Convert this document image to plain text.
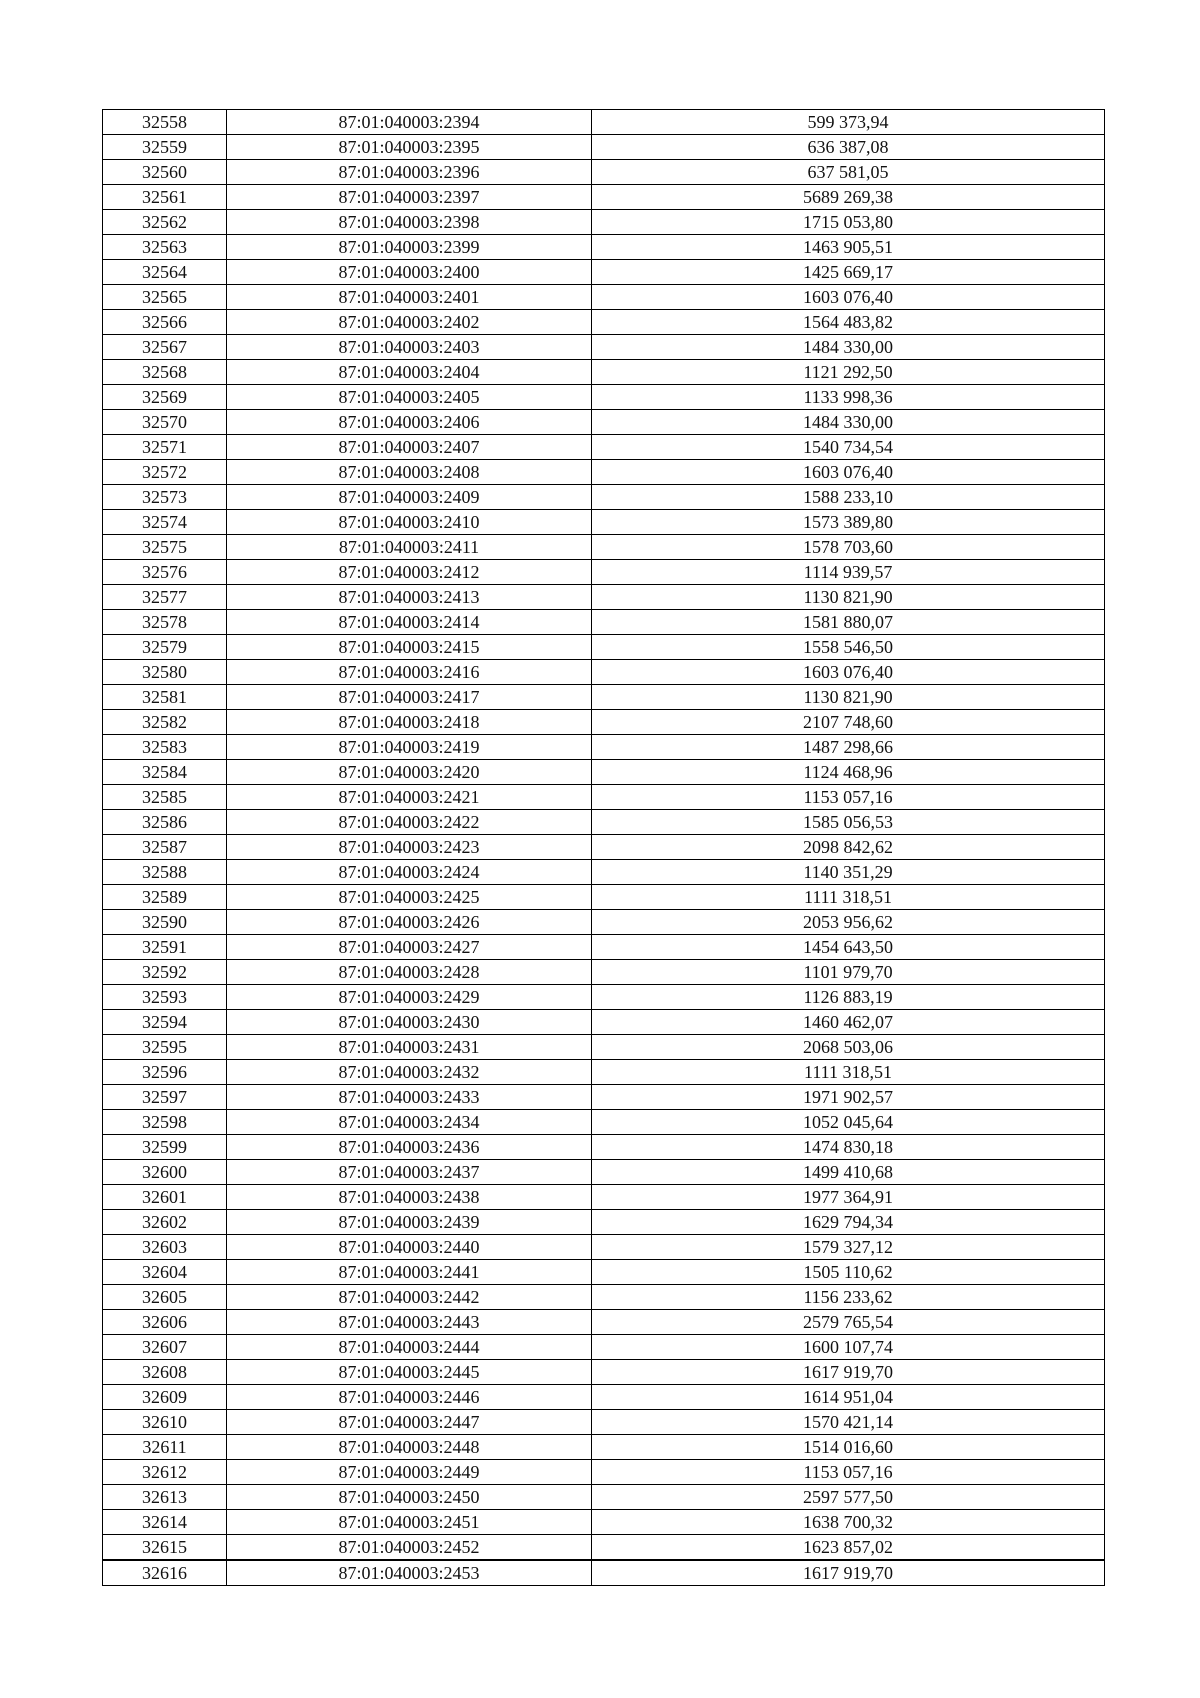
32558	87:01:040003:2394	599 373,94
32559	87:01:040003:2395	636 387,08
32560	87:01:040003:2396	637 581,05
32561	87:01:040003:2397	5689 269,38
32562	87:01:040003:2398	1715 053,80
32563	87:01:040003:2399	1463 905,51
32564	87:01:040003:2400	1425 669,17
32565	87:01:040003:2401	1603 076,40
32566	87:01:040003:2402	1564 483,82
32567	87:01:040003:2403	1484 330,00
32568	87:01:040003:2404	1121 292,50
32569	87:01:040003:2405	1133 998,36
32570	87:01:040003:2406	1484 330,00
32571	87:01:040003:2407	1540 734,54
32572	87:01:040003:2408	1603 076,40
32573	87:01:040003:2409	1588 233,10
32574	87:01:040003:2410	1573 389,80
32575	87:01:040003:2411	1578 703,60
32576	87:01:040003:2412	1114 939,57
32577	87:01:040003:2413	1130 821,90
32578	87:01:040003:2414	1581 880,07
32579	87:01:040003:2415	1558 546,50
32580	87:01:040003:2416	1603 076,40
32581	87:01:040003:2417	1130 821,90
32582	87:01:040003:2418	2107 748,60
32583	87:01:040003:2419	1487 298,66
32584	87:01:040003:2420	1124 468,96
32585	87:01:040003:2421	1153 057,16
32586	87:01:040003:2422	1585 056,53
32587	87:01:040003:2423	2098 842,62
32588	87:01:040003:2424	1140 351,29
32589	87:01:040003:2425	1111 318,51
32590	87:01:040003:2426	2053 956,62
32591	87:01:040003:2427	1454 643,50
32592	87:01:040003:2428	1101 979,70
32593	87:01:040003:2429	1126 883,19
32594	87:01:040003:2430	1460 462,07
32595	87:01:040003:2431	2068 503,06
32596	87:01:040003:2432	1111 318,51
32597	87:01:040003:2433	1971 902,57
32598	87:01:040003:2434	1052 045,64
32599	87:01:040003:2436	1474 830,18
32600	87:01:040003:2437	1499 410,68
32601	87:01:040003:2438	1977 364,91
32602	87:01:040003:2439	1629 794,34
32603	87:01:040003:2440	1579 327,12
32604	87:01:040003:2441	1505 110,62
32605	87:01:040003:2442	1156 233,62
32606	87:01:040003:2443	2579 765,54
32607	87:01:040003:2444	1600 107,74
32608	87:01:040003:2445	1617 919,70
32609	87:01:040003:2446	1614 951,04
32610	87:01:040003:2447	1570 421,14
32611	87:01:040003:2448	1514 016,60
32612	87:01:040003:2449	1153 057,16
32613	87:01:040003:2450	2597 577,50
32614	87:01:040003:2451	1638 700,32
32615	87:01:040003:2452	1623 857,02
32616	87:01:040003:2453	1617 919,70
